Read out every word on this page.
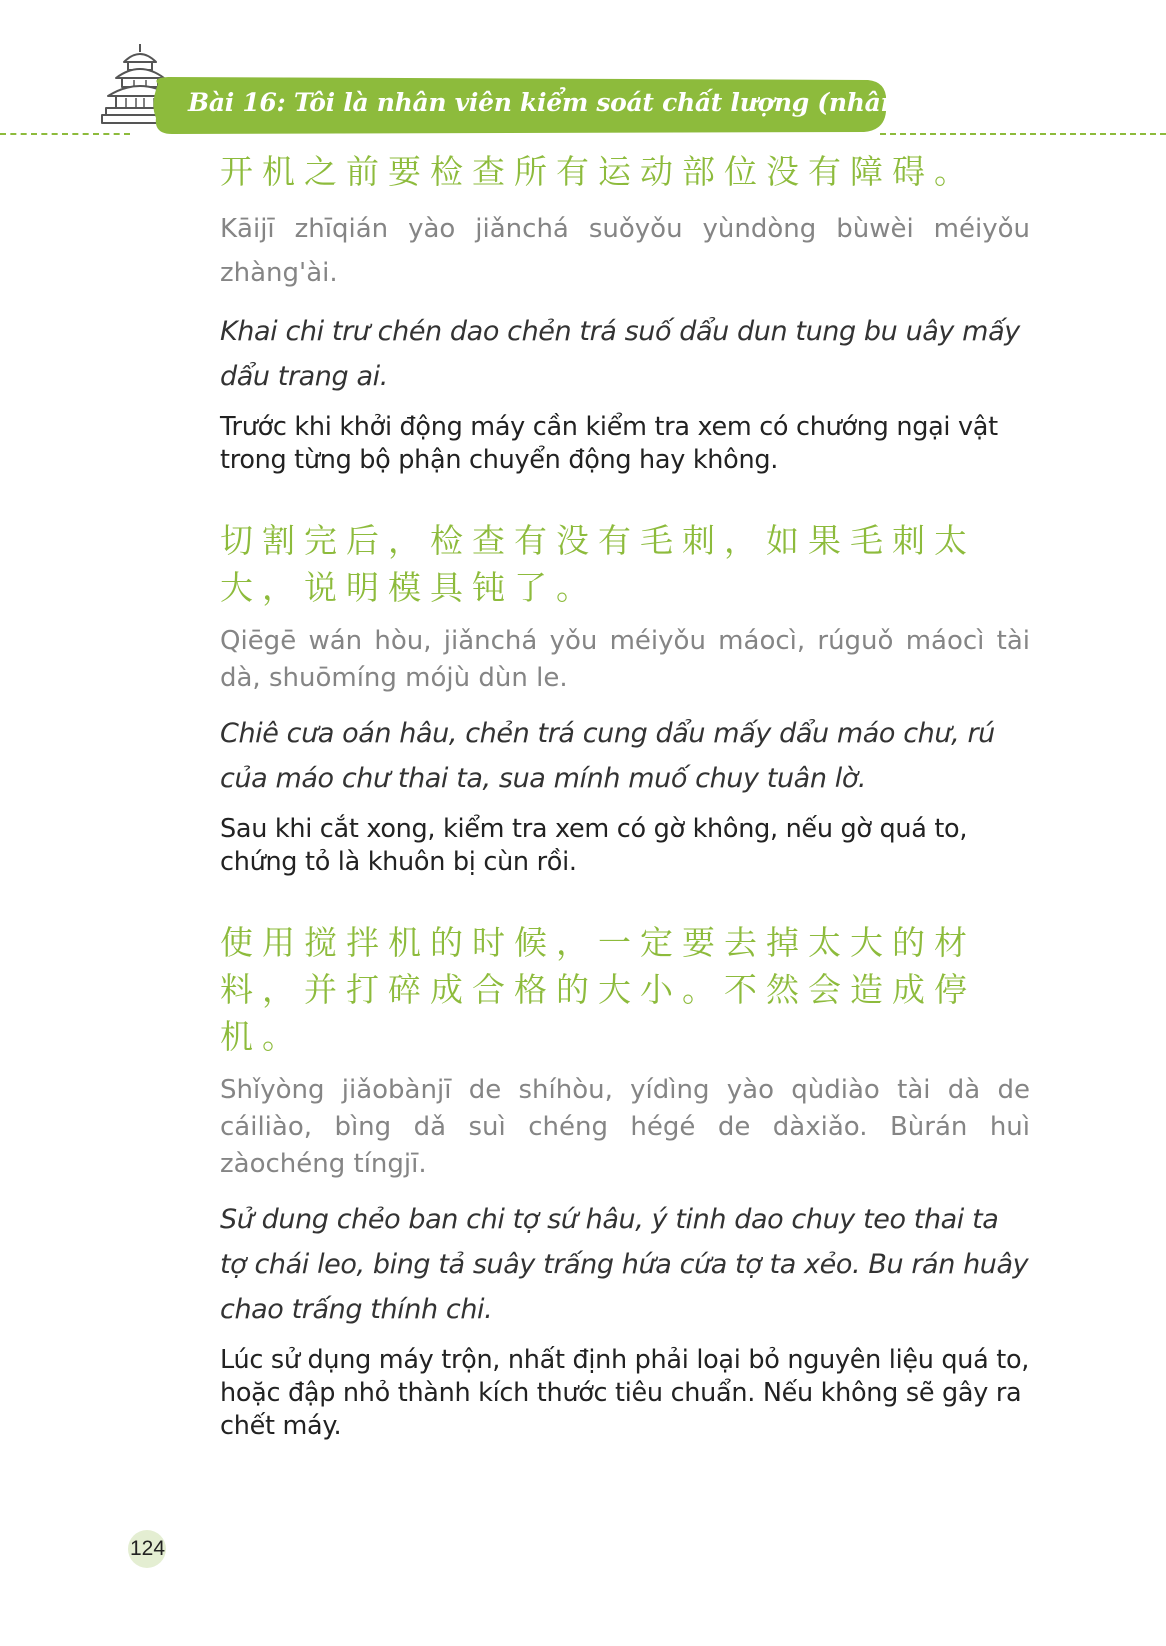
Bài 16: Tôi là nhân viên kiểm soát chất lượng (nhân viên QC)

开机之前要检查所有运动部位没有障碍。

Kāijī zhīqián yào jiǎnchá suǒyǒu yùndòng bùwèi méiyǒu zhàng'ài.

Khai chi trư chén dao chẻn trá suố dẩu dun tung bu uây mấy dẩu trang ai.

Trước khi khởi động máy cần kiểm tra xem có chướng ngại vật trong từng bộ phận chuyển động hay không.

切割完后，检查有没有毛刺，如果毛刺太大，说明模具钝了。

Qiēgē wán hòu, jiǎnchá yǒu méiyǒu máocì, rúguǒ máocì tài dà, shuōmíng mójù dùn le.

Chiê cưa oán hâu, chẻn trá cung dẩu mấy dẩu máo chư, rú của máo chư thai ta, sua mính muố chuy tuân lờ.

Sau khi cắt xong, kiểm tra xem có gờ không, nếu gờ quá to, chứng tỏ là khuôn bị cùn rồi.

使用搅拌机的时候，一定要去掉太大的材料，并打碎成合格的大小。不然会造成停机。

Shǐyòng jiǎobànjī de shíhòu, yídìng yào qùdiào tài dà de cáiliào, bìng dǎ suì chéng hégé de dàxiǎo. Bùrán huì zàochéng tíngjī.

Sử dung chẻo ban chi tợ sứ hâu, ý tinh dao chuy teo thai ta tợ chái leo, bing tả suây trấng hứa cứa tợ ta xẻo. Bu rán huây chao trấng thính chi.

Lúc sử dụng máy trộn, nhất định phải loại bỏ nguyên liệu quá to, hoặc đập nhỏ thành kích thước tiêu chuẩn. Nếu không sẽ gây ra chết máy.

124
